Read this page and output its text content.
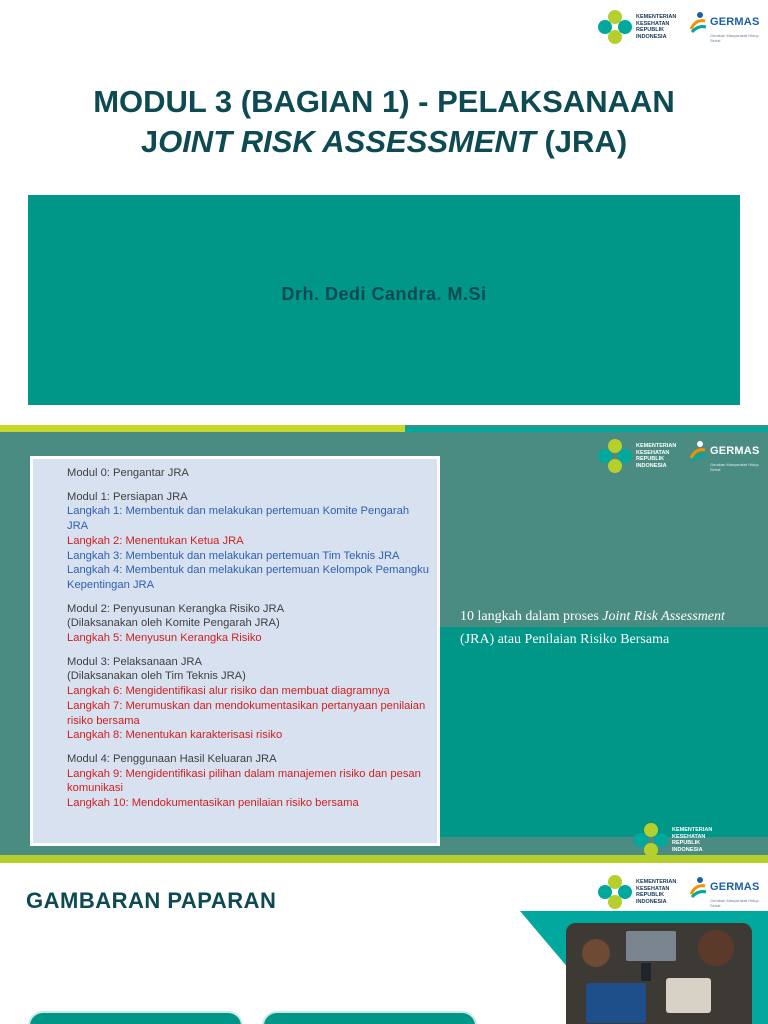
KEMENTERIAN KESEHATAN REPUBLIK INDONESIA
GERMAS
Gerakan Masyarakat Hidup Sehat
MODUL 3 (BAGIAN 1) - PELAKSANAAN
JOINT RISK ASSESSMENT (JRA)
Drh. Dedi Candra. M.Si
KEMENTERIAN KESEHATAN REPUBLIK INDONESIA
GERMAS
Gerakan Masyarakat Hidup Sehat
Modul 0: Pengantar JRA
Modul 1: Persiapan JRA
Langkah 1: Membentuk dan melakukan pertemuan Komite Pengarah JRA
Langkah 2: Menentukan Ketua JRA
Langkah 3: Membentuk dan melakukan pertemuan Tim Teknis JRA
Langkah 4: Membentuk dan melakukan pertemuan Kelompok Pemangku Kepentingan JRA
Modul 2: Penyusunan Kerangka Risiko JRA
(Dilaksanakan oleh Komite Pengarah JRA)
Langkah 5: Menyusun Kerangka Risiko
Modul 3: Pelaksanaan JRA
(Dilaksanakan oleh Tim Teknis JRA)
Langkah 6: Mengidentifikasi alur risiko dan membuat diagramnya
Langkah 7: Merumuskan dan mendokumentasikan pertanyaan penilaian risiko bersama
Langkah 8: Menentukan karakterisasi risiko
Modul 4: Penggunaan Hasil Keluaran JRA
Langkah 9: Mengidentifikasi pilihan dalam manajemen risiko dan pesan komunikasi
Langkah 10: Mendokumentasikan penilaian risiko bersama

10 langkah dalam proses Joint Risk Assessment (JRA) atau Penilaian Risiko Bersama

KEMENTERIAN KESEHATAN REPUBLIK INDONESIA
GAMBARAN PAPARAN
KEMENTERIAN KESEHATAN REPUBLIK INDONESIA
GERMAS
Gerakan Masyarakat Hidup Sehat
